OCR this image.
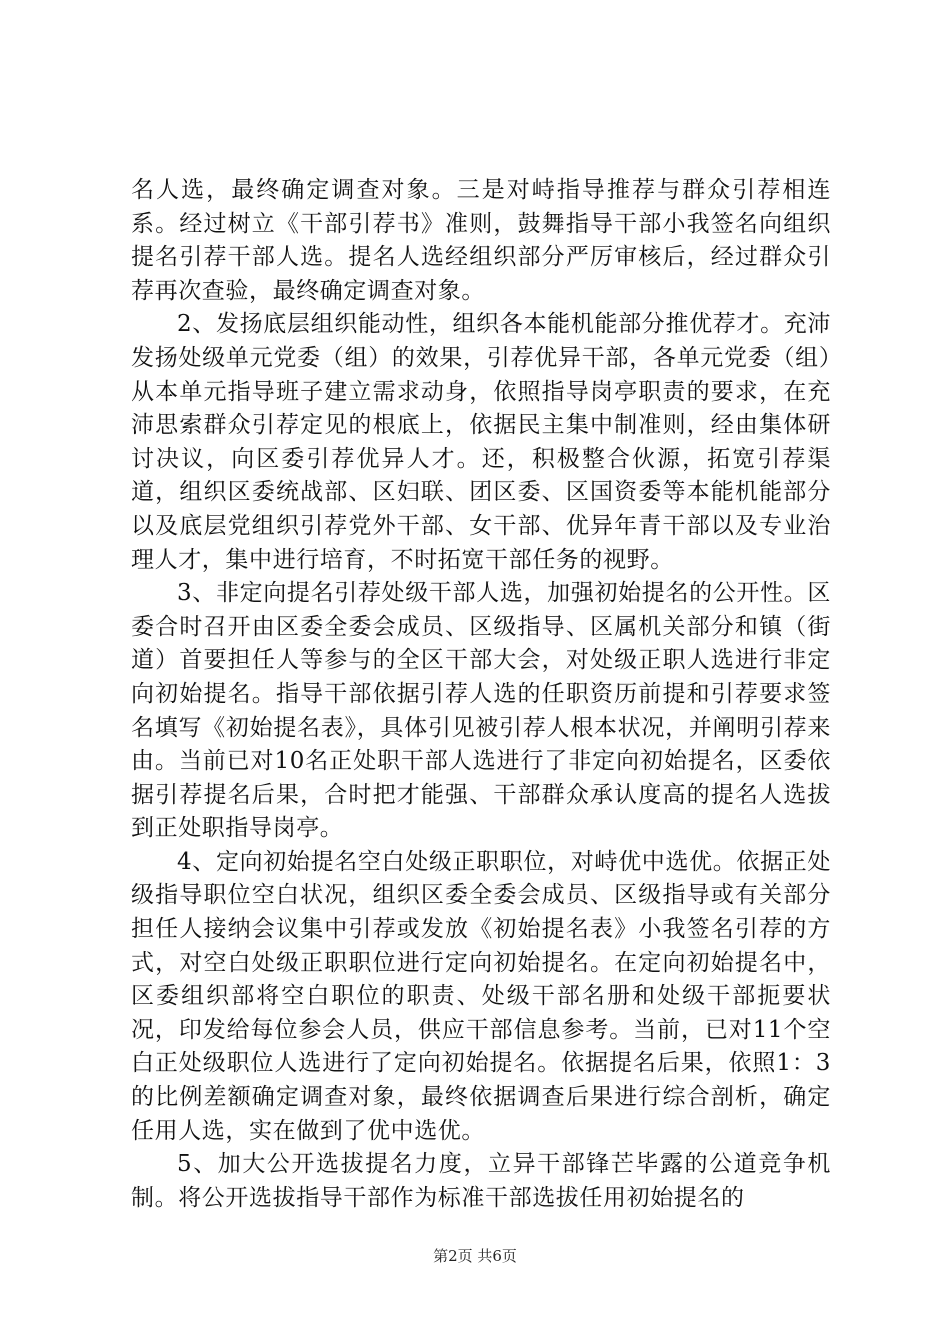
名人选，最终确定调查对象。三是对峙指导推荐与群众引荐相连系。经过树立《干部引荐书》准则，鼓舞指导干部小我签名向组织提名引荐干部人选。提名人选经组织部分严厉审核后，经过群众引荐再次查验，最终确定调查对象。

2、发扬底层组织能动性，组织各本能机能部分推优荐才。充沛发扬处级单元党委（组）的效果，引荐优异干部，各单元党委（组）从本单元指导班子建立需求动身，依照指导岗亭职责的要求，在充沛思索群众引荐定见的根底上，依据民主集中制准则，经由集体研讨决议，向区委引荐优异人才。还，积极整合伙源，拓宽引荐渠道，组织区委统战部、区妇联、团区委、区国资委等本能机能部分以及底层党组织引荐党外干部、女干部、优异年青干部以及专业治理人才，集中进行培育，不时拓宽干部任务的视野。

3、非定向提名引荐处级干部人选，加强初始提名的公开性。区委合时召开由区委全委会成员、区级指导、区属机关部分和镇（街道）首要担任人等参与的全区干部大会，对处级正职人选进行非定向初始提名。指导干部依据引荐人选的任职资历前提和引荐要求签名填写《初始提名表》，具体引见被引荐人根本状况，并阐明引荐来由。当前已对10名正处职干部人选进行了非定向初始提名，区委依据引荐提名后果，合时把才能强、干部群众承认度高的提名人选拔到正处职指导岗亭。

4、定向初始提名空白处级正职职位，对峙优中选优。依据正处级指导职位空白状况，组织区委全委会成员、区级指导或有关部分担任人接纳会议集中引荐或发放《初始提名表》小我签名引荐的方式，对空白处级正职职位进行定向初始提名。在定向初始提名中，区委组织部将空白职位的职责、处级干部名册和处级干部扼要状况，印发给每位参会人员，供应干部信息参考。当前，已对11个空白正处级职位人选进行了定向初始提名。依据提名后果，依照1：3的比例差额确定调查对象，最终依据调查后果进行综合剖析，确定任用人选，实在做到了优中选优。

5、加大公开选拔提名力度，立异干部锋芒毕露的公道竞争机制。将公开选拔指导干部作为标准干部选拔任用初始提名的

第2页 共6页
